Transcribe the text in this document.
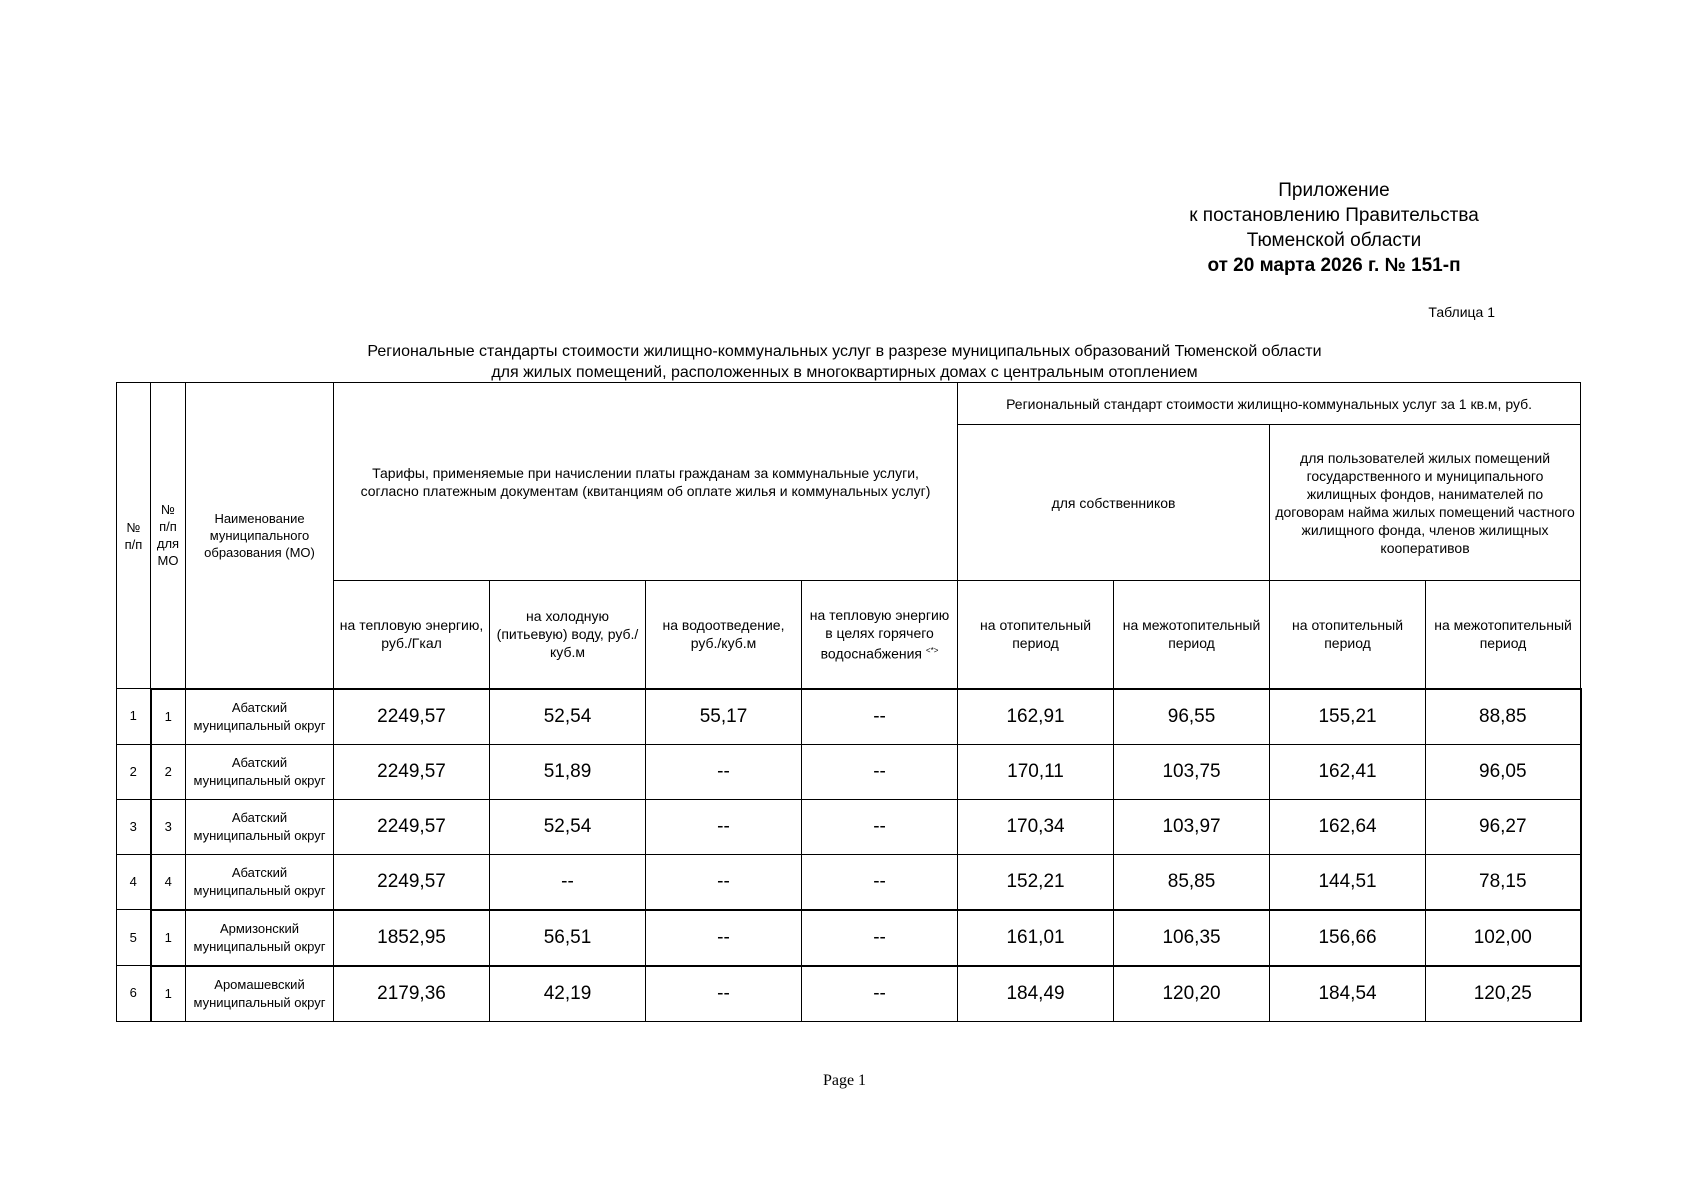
Приложение
к постановлению Правительства
Тюменской области
от 20 марта 2026 г. № 151-п
Таблица 1
Региональные стандарты стоимости жилищно-коммунальных услуг в разрезе муниципальных образований Тюменской области
для жилых помещений, расположенных в многоквартирных домах с центральным отоплением
№ п/п	№ п/п для МО	Наименование муниципального образования (МО)	Тарифы, применяемые при начислении платы гражданам за коммунальные услуги, согласно платежным документам (квитанциям об оплате жилья и коммунальных услуг)				Региональный стандарт стоимости жилищно-коммунальных услуг за 1 кв.м, руб.			
							для собственников		для пользователей жилых помещений государственного и муниципального жилищных фондов, нанимателей по договорам найма жилых помещений частного жилищного фонда, членов жилищных кооперативов	
			на тепловую энергию, руб./Гкал	на холодную (питьевую) воду, руб./куб.м	на водоотведение, руб./куб.м	на тепловую энергию в целях горячего водоснабжения <*>	на отопительный период	на межотопительный период	на отопительный период	на межотопительный период
1	1	Абатский муниципальный округ	2249,57	52,54	55,17	--	162,91	96,55	155,21	88,85
2	2	Абатский муниципальный округ	2249,57	51,89	--	--	170,11	103,75	162,41	96,05
3	3	Абатский муниципальный округ	2249,57	52,54	--	--	170,34	103,97	162,64	96,27
4	4	Абатский муниципальный округ	2249,57	--	--	--	152,21	85,85	144,51	78,15
5	1	Армизонский муниципальный округ	1852,95	56,51	--	--	161,01	106,35	156,66	102,00
6	1	Аромашевский муниципальный округ	2179,36	42,19	--	--	184,49	120,20	184,54	120,25
Page 1
